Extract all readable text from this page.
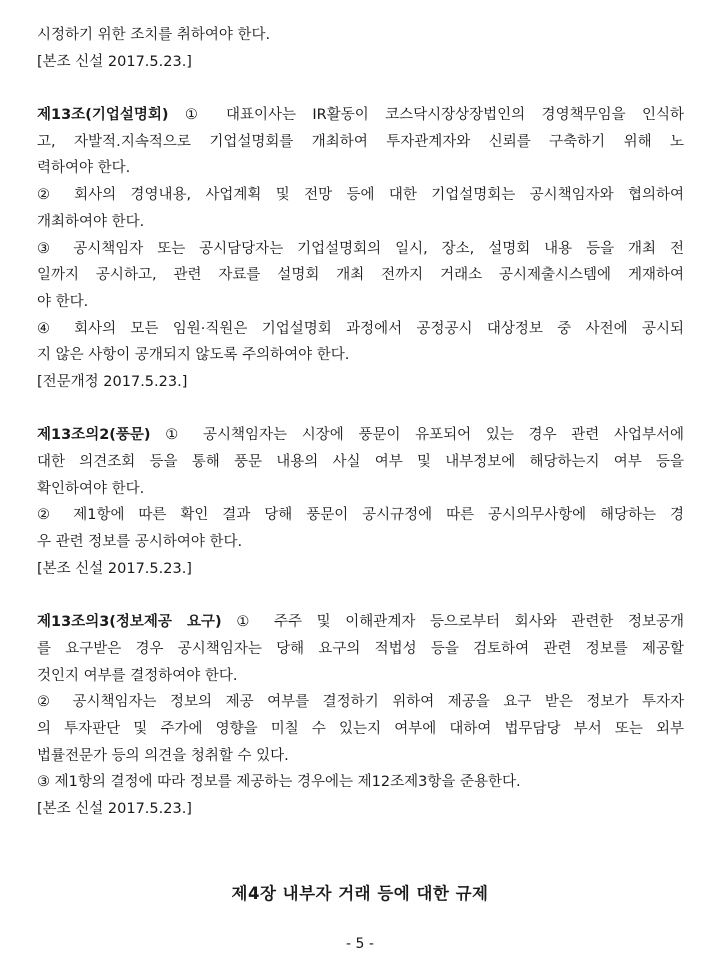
시정하기 위한 조치를 취하여야 한다.
[본조 신설 2017.5.23.]
제13조(기업설명회) ① 대표이사는 IR활동이 코스닥시장상장법인의 경영책무임을 인식하
고, 자발적․지속적으로 기업설명회를 개최하여 투자관계자와 신뢰를 구축하기 위해 노
력하여야 한다.
② 회사의 경영내용, 사업계획 및 전망 등에 대한 기업설명회는 공시책임자와 협의하여
개최하여야 한다.
③ 공시책임자 또는 공시담당자는 기업설명회의 일시, 장소, 설명회 내용 등을 개최 전
일까지 공시하고, 관련 자료를 설명회 개최 전까지 거래소 공시제출시스템에 게재하여
야 한다.
④ 회사의 모든 임원·직원은 기업설명회 과정에서 공정공시 대상정보 중 사전에 공시되
지 않은 사항이 공개되지 않도록 주의하여야 한다.
[전문개정 2017.5.23.]
제13조의2(풍문) ① 공시책임자는 시장에 풍문이 유포되어 있는 경우 관련 사업부서에
대한 의견조회 등을 통해 풍문 내용의 사실 여부 및 내부정보에 해당하는지 여부 등을
확인하여야 한다.
② 제1항에 따른 확인 결과 당해 풍문이 공시규정에 따른 공시의무사항에 해당하는 경
우 관련 정보를 공시하여야 한다.
[본조 신설 2017.5.23.]
제13조의3(정보제공 요구) ① 주주 및 이해관계자 등으로부터 회사와 관련한 정보공개
를 요구받은 경우 공시책임자는 당해 요구의 적법성 등을 검토하여 관련 정보를 제공할
것인지 여부를 결정하여야 한다.
② 공시책임자는 정보의 제공 여부를 결정하기 위하여 제공을 요구 받은 정보가 투자자
의 투자판단 및 주가에 영향을 미칠 수 있는지 여부에 대하여 법무담당 부서 또는 외부
법률전문가 등의 의견을 청취할 수 있다.
③ 제1항의 결정에 따라 정보를 제공하는 경우에는 제12조제3항을 준용한다.
[본조 신설 2017.5.23.]
제4장 내부자 거래 등에 대한 규제
- 5 -
